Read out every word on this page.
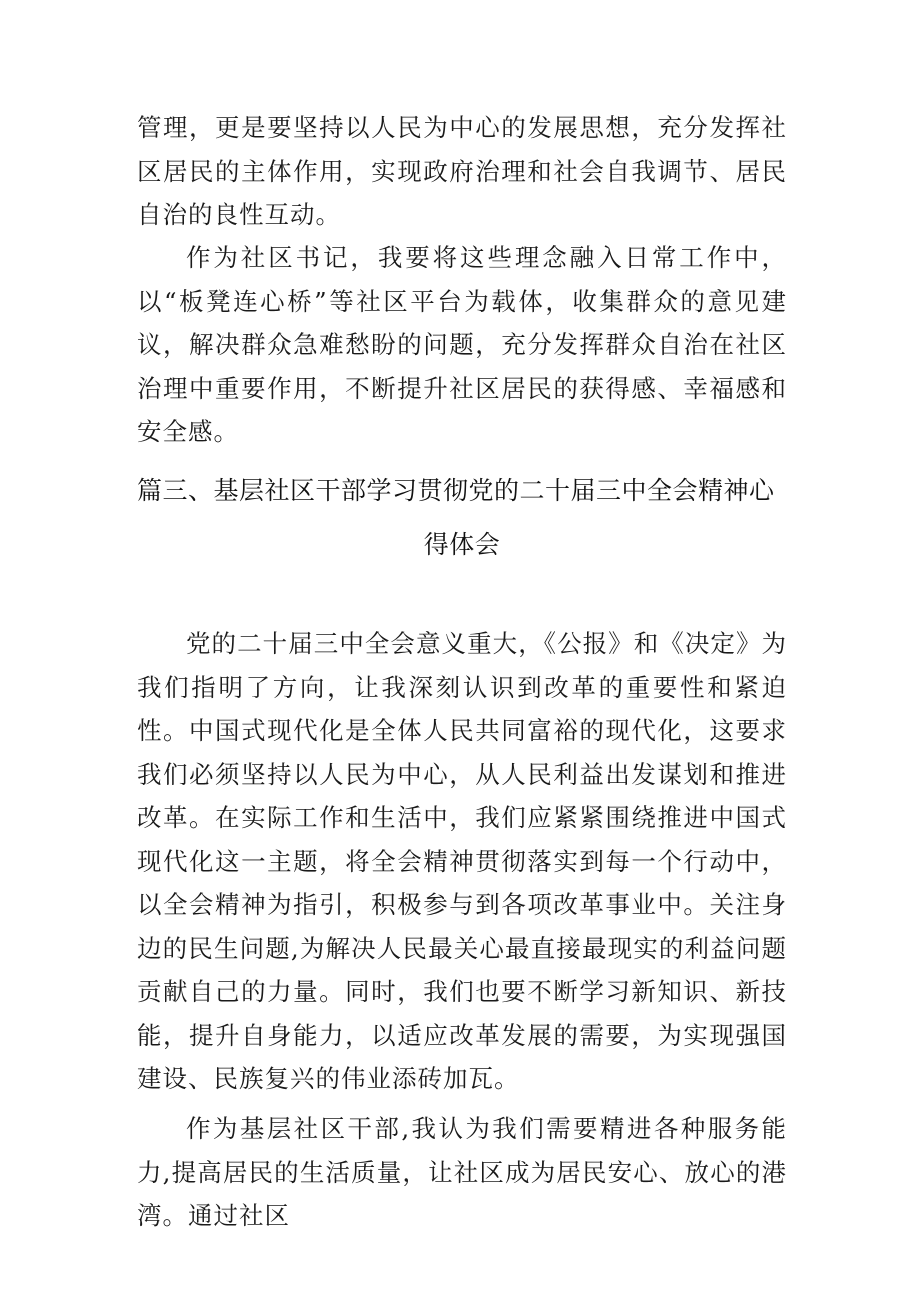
管理，更是要坚持以人民为中心的发展思想，充分发挥社区居民的主体作用，实现政府治理和社会自我调节、居民自治的良性互动。

作为社区书记，我要将这些理念融入日常工作中，以“板凳连心桥”等社区平台为载体，收集群众的意见建议，解决群众急难愁盼的问题，充分发挥群众自治在社区治理中重要作用，不断提升社区居民的获得感、幸福感和安全感。

篇三、基层社区干部学习贯彻党的二十届三中全会精神心
得体会

党的二十届三中全会意义重大，《公报》和《决定》为我们指明了方向，让我深刻认识到改革的重要性和紧迫性。中国式现代化是全体人民共同富裕的现代化，这要求我们必须坚持以人民为中心，从人民利益出发谋划和推进改革。在实际工作和生活中，我们应紧紧围绕推进中国式现代化这一主题，将全会精神贯彻落实到每一个行动中，以全会精神为指引，积极参与到各项改革事业中。关注身边的民生问题,为解决人民最关心最直接最现实的利益问题贡献自己的力量。同时，我们也要不断学习新知识、新技能，提升自身能力，以适应改革发展的需要，为实现强国建设、民族复兴的伟业添砖加瓦。

作为基层社区干部,我认为我们需要精进各种服务能力,提高居民的生活质量，让社区成为居民安心、放心的港湾。通过社区
